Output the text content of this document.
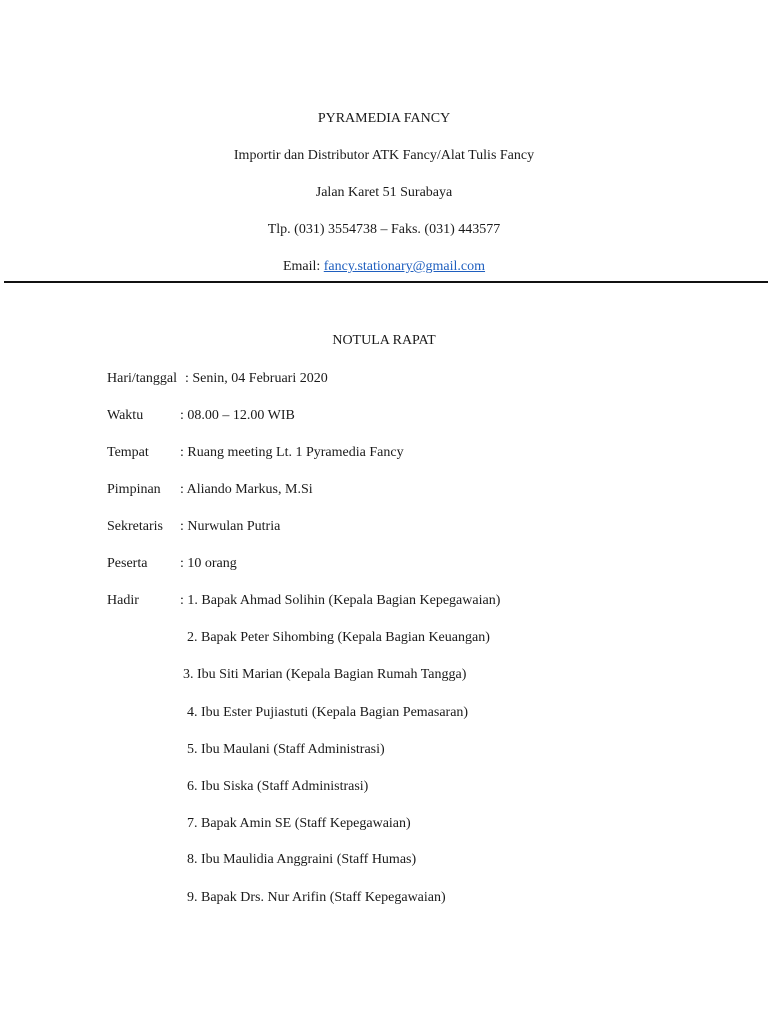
PYRAMEDIA FANCY
Importir dan Distributor ATK Fancy/Alat Tulis Fancy
Jalan Karet 51 Surabaya
Tlp. (031) 3554738 – Faks. (031) 443577
Email: fancy.stationary@gmail.com
NOTULA RAPAT
Hari/tanggal : Senin, 04 Februari 2020
Waktu	: 08.00 – 12.00 WIB
Tempat : Ruang meeting Lt. 1 Pyramedia Fancy
Pimpinan : Aliando Markus, M.Si
Sekretaris : Nurwulan Putria
Peserta : 10 orang
Hadir	: 1. Bapak Ahmad Solihin (Kepala Bagian Kepegawaian)
2. Bapak Peter Sihombing (Kepala Bagian Keuangan)
3. Ibu Siti Marian (Kepala Bagian Rumah Tangga)
4. Ibu Ester Pujiastuti (Kepala Bagian Pemasaran)
5. Ibu Maulani (Staff Administrasi)
6. Ibu Siska (Staff Administrasi)
7. Bapak Amin SE (Staff Kepegawaian)
8. Ibu Maulidia Anggraini (Staff Humas)
9. Bapak Drs. Nur Arifin (Staff Kepegawaian)
